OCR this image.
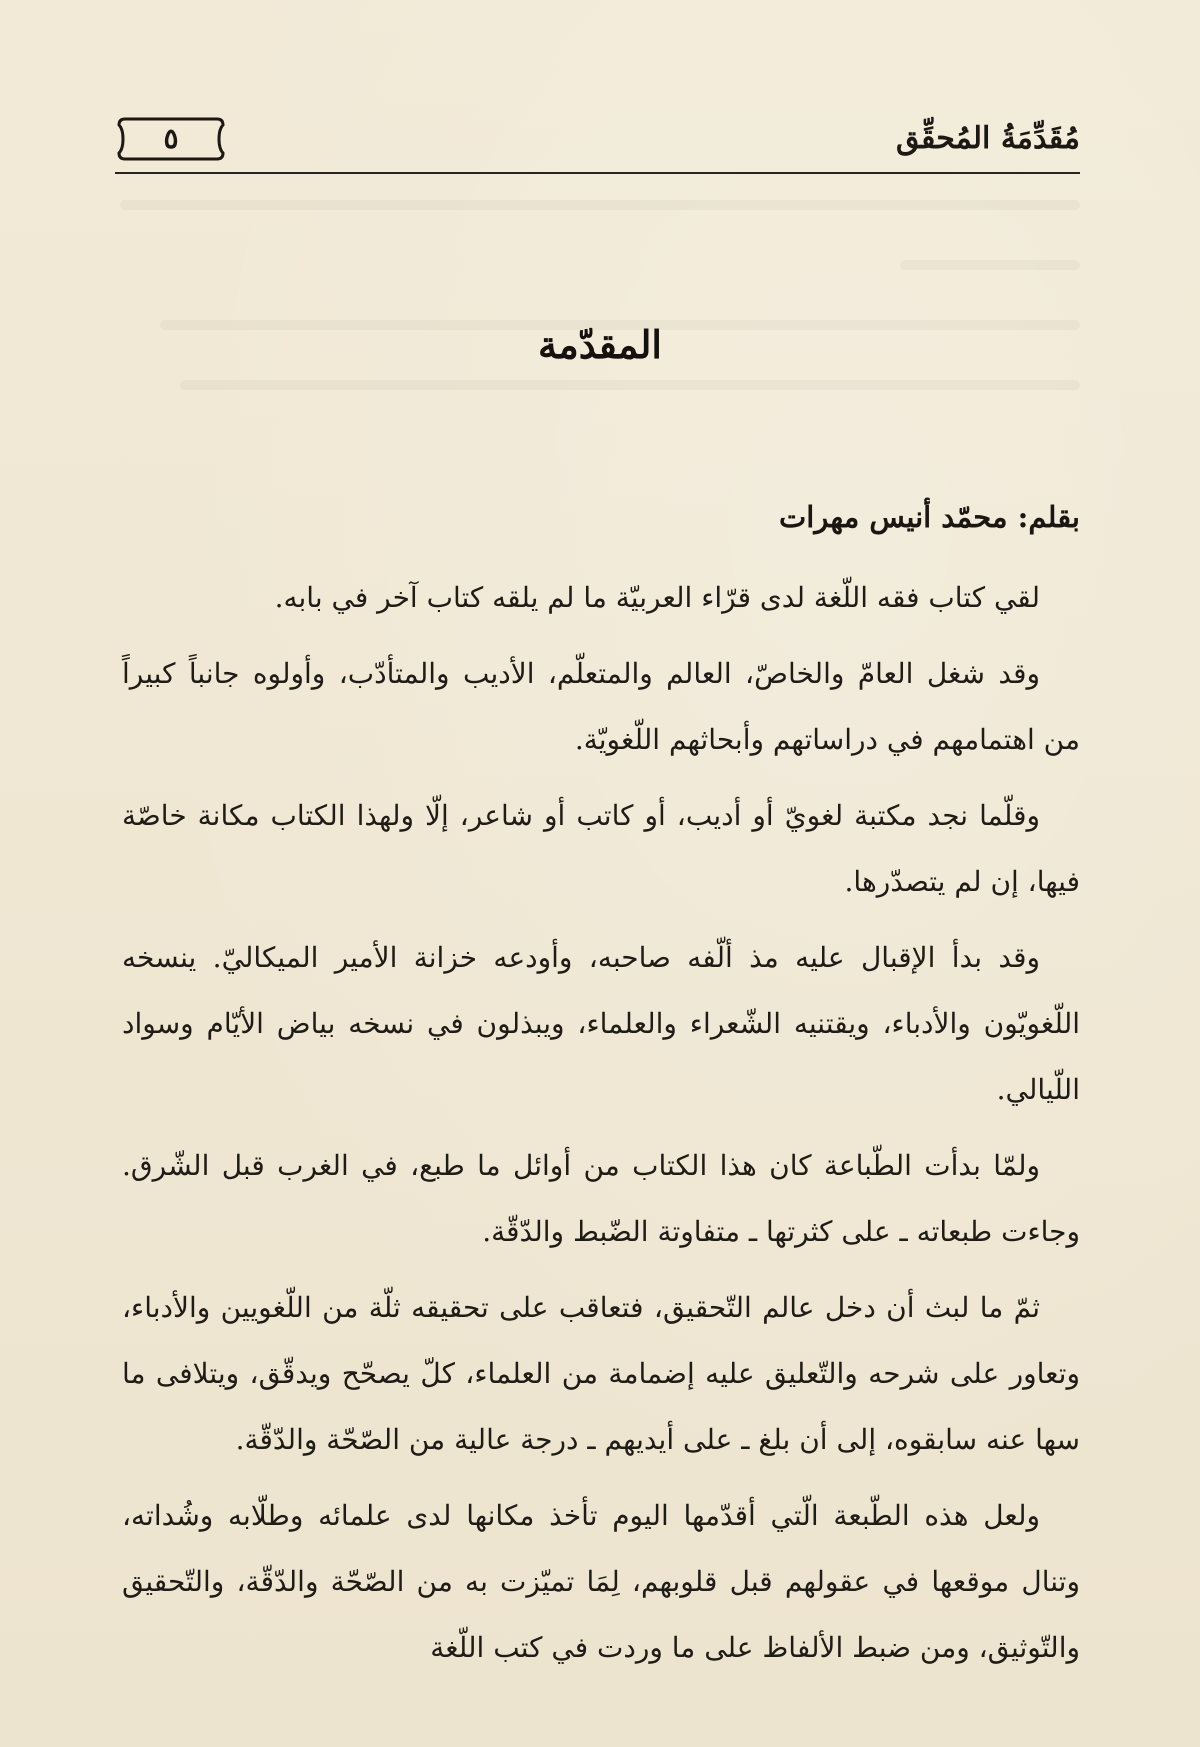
مُقَدِّمَةُ المُحقِّق
٥
المقدّمة
بقلم: محمّد أنيس مهرات

لقي كتاب فقه اللّغة لدى قرّاء العربيّة ما لم يلقه كتاب آخر في بابه.

وقد شغل العامّ والخاصّ، العالم والمتعلّم، الأديب والمتأدّب، وأولوه جانباً كبيراً من اهتمامهم في دراساتهم وأبحاثهم اللّغويّة.

وقلّما نجد مكتبة لغويّ أو أديب، أو كاتب أو شاعر، إلّا ولهذا الكتاب مكانة خاصّة فيها، إن لم يتصدّرها.

وقد بدأ الإقبال عليه مذ ألّفه صاحبه، وأودعه خزانة الأمير الميكاليّ. ينسخه اللّغويّون والأدباء، ويقتنيه الشّعراء والعلماء، ويبذلون في نسخه بياض الأيّام وسواد اللّيالي.

ولمّا بدأت الطّباعة كان هذا الكتاب من أوائل ما طبع، في الغرب قبل الشّرق. وجاءت طبعاته ـ على كثرتها ـ متفاوتة الضّبط والدّقّة.

ثمّ ما لبث أن دخل عالم التّحقيق، فتعاقب على تحقيقه ثلّة من اللّغويين والأدباء، وتعاور على شرحه والتّعليق عليه إضمامة من العلماء، كلّ يصحّح ويدقّق، ويتلافى ما سها عنه سابقوه، إلى أن بلغ ـ على أيديهم ـ درجة عالية من الصّحّة والدّقّة.

ولعل هذه الطّبعة الّتي أقدّمها اليوم تأخذ مكانها لدى علمائه وطلّابه وشُداته، وتنال موقعها في عقولهم قبل قلوبهم، لِمَا تميّزت به من الصّحّة والدّقّة، والتّحقيق والتّوثيق، ومن ضبط الألفاظ على ما وردت في كتب اللّغة
